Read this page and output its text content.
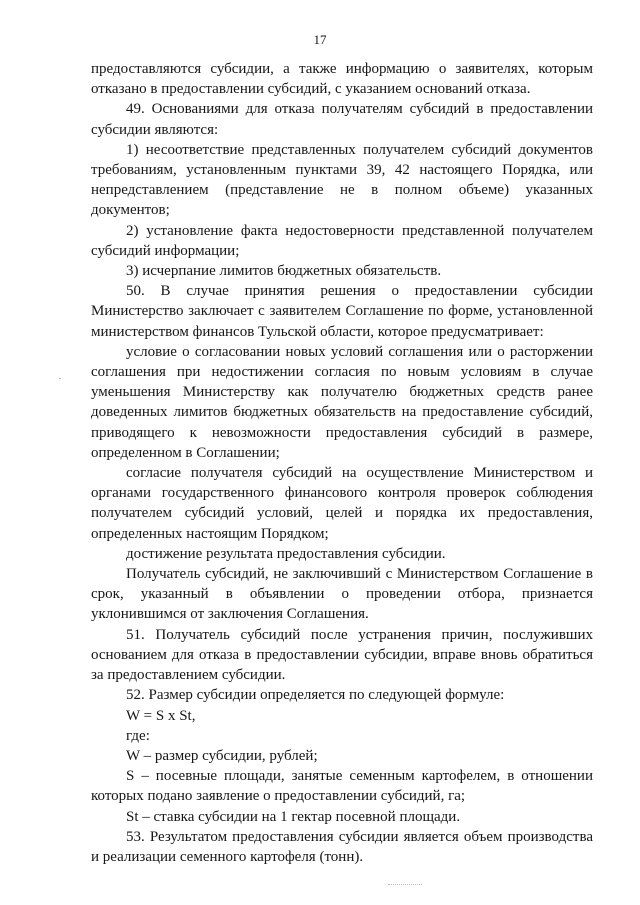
17

предоставляются субсидии, а также информацию о заявителях, которым отказано в предоставлении субсидий, с указанием оснований отказа.

49. Основаниями для отказа получателям субсидий в предоставлении субсидии являются:

1) несоответствие представленных получателем субсидий документов требованиям, установленным пунктами 39, 42 настоящего Порядка, или непредставлением (представление не в полном объеме) указанных документов;

2) установление факта недостоверности представленной получателем субсидий информации;

3) исчерпание лимитов бюджетных обязательств.

50. В случае принятия решения о предоставлении субсидии Министерство заключает с заявителем Соглашение по форме, установленной министерством финансов Тульской области, которое предусматривает:

условие о согласовании новых условий соглашения или о расторжении соглашения при недостижении согласия по новым условиям в случае уменьшения Министерству как получателю бюджетных средств ранее доведенных лимитов бюджетных обязательств на предоставление субсидий, приводящего к невозможности предоставления субсидий в размере, определенном в Соглашении;

согласие получателя субсидий на осуществление Министерством и органами государственного финансового контроля проверок соблюдения получателем субсидий условий, целей и порядка их предоставления, определенных настоящим Порядком;

достижение результата предоставления субсидии.

Получатель субсидий, не заключивший с Министерством Соглашение в срок, указанный в объявлении о проведении отбора, признается уклонившимся от заключения Соглашения.

51. Получатель субсидий после устранения причин, послуживших основанием для отказа в предоставлении субсидии, вправе вновь обратиться за предоставлением субсидии.

52. Размер субсидии определяется по следующей формуле:

W = S x St,

где:

W – размер субсидии, рублей;

S – посевные площади, занятые семенным картофелем, в отношении которых подано заявление о предоставлении субсидий, га;

St – ставка субсидии на 1 гектар посевной площади.

53. Результатом предоставления субсидии является объем производства и реализации семенного картофеля (тонн).

·
